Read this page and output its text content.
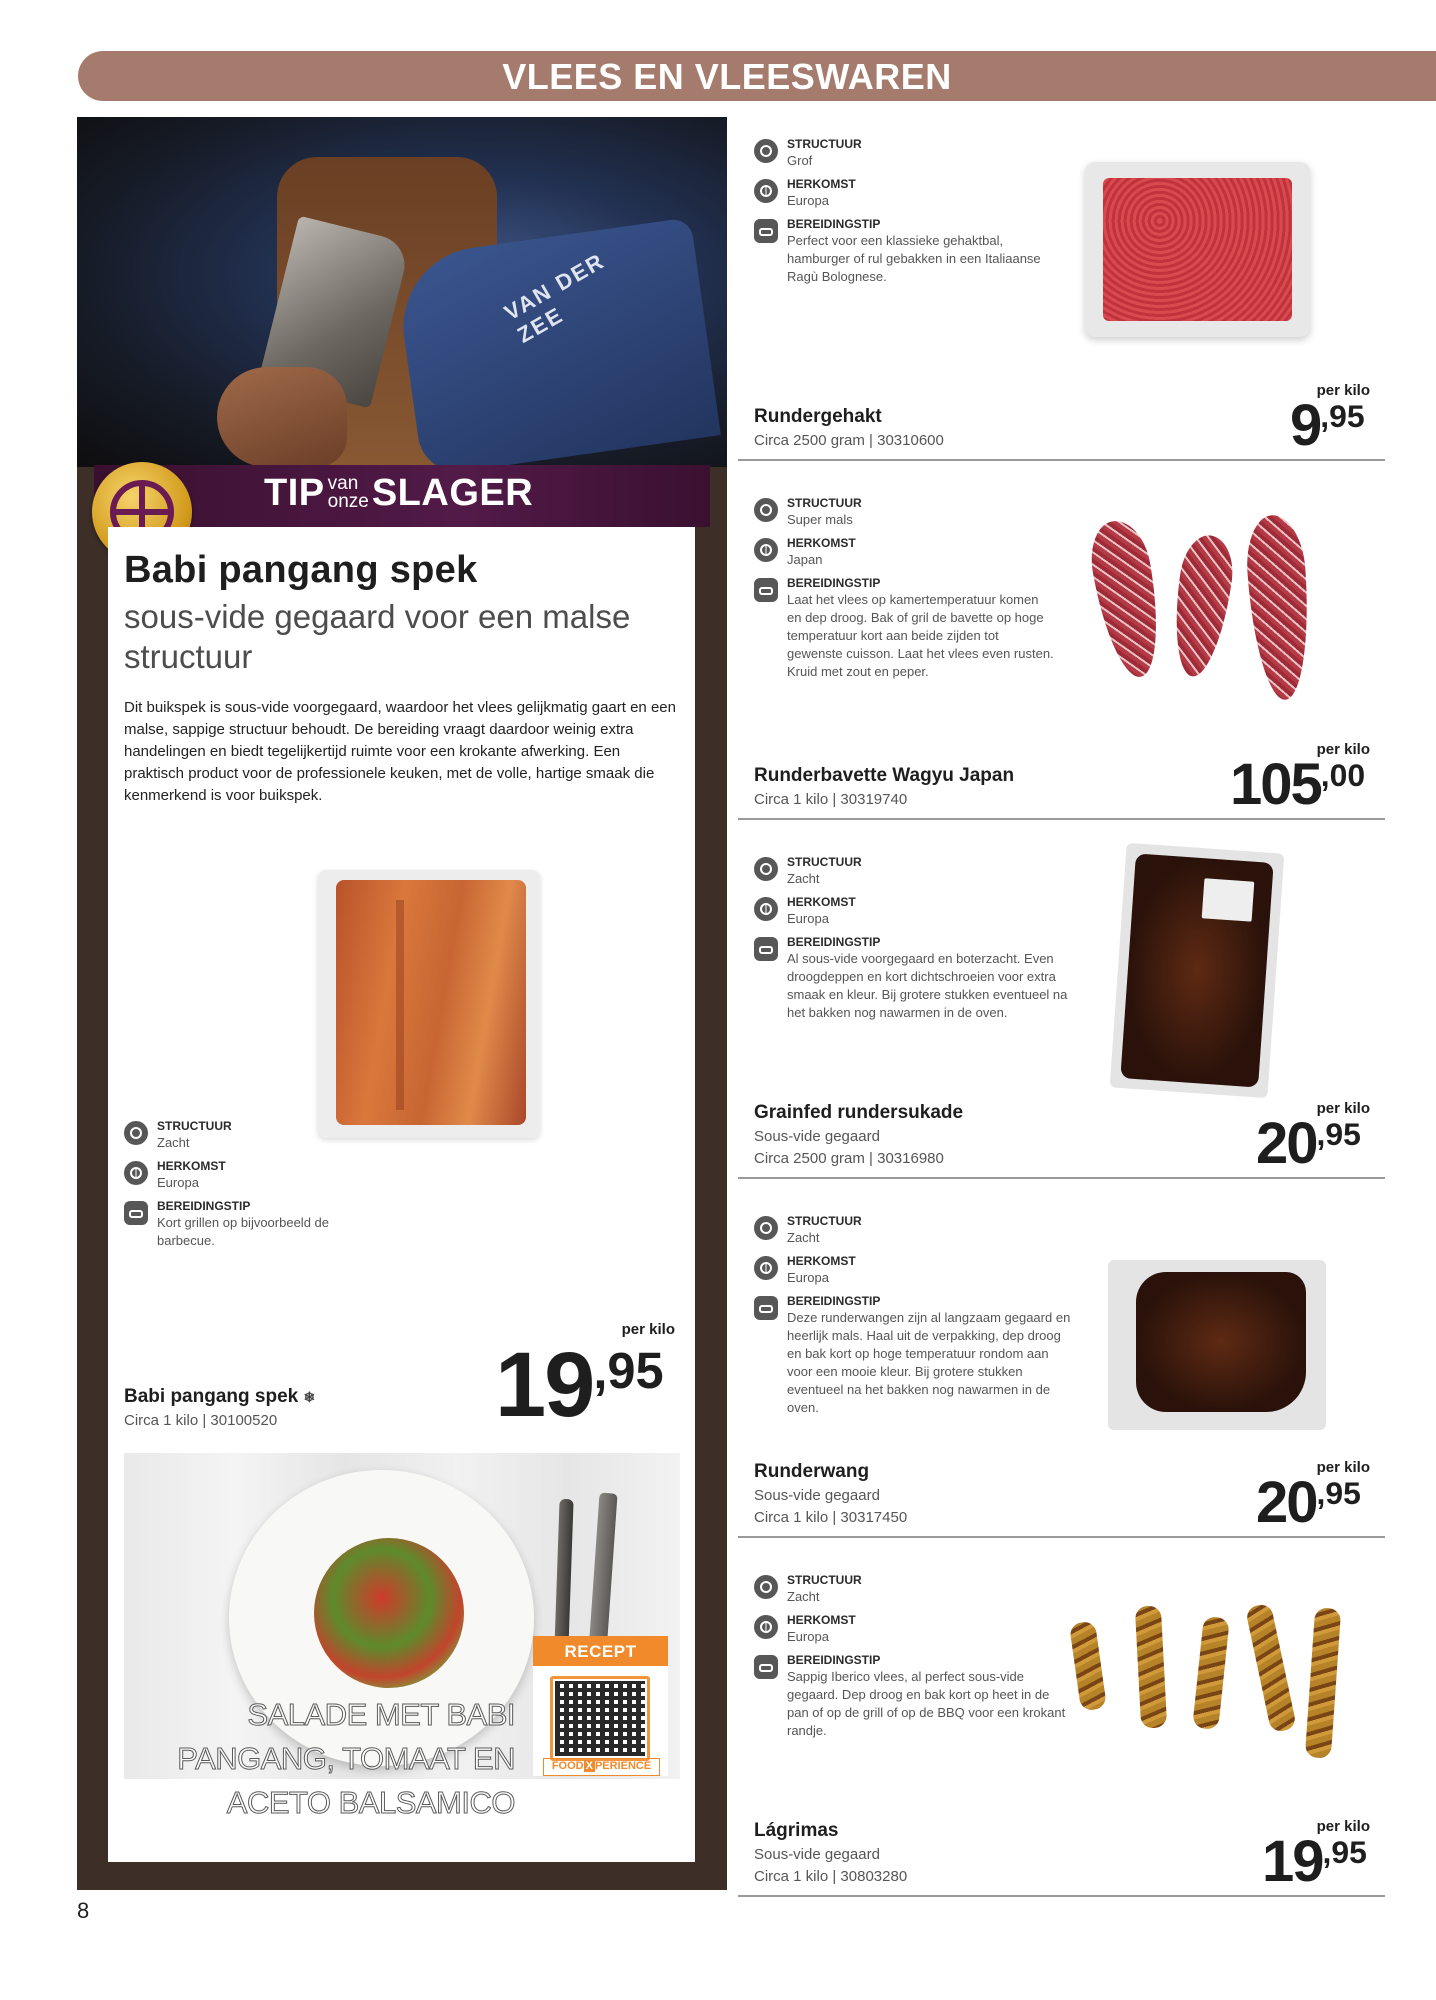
VLEES EN VLEESWAREN
VAN DER ZEE
TIP van
onze SLAGER
Babi pangang spek
sous-vide gegaard voor een malse structuur
Dit buikspek is sous-vide voorgegaard, waardoor het vlees gelijkmatig gaart en een malse, sappige structuur behoudt. De bereiding vraagt daardoor weinig extra handelingen en biedt tegelijkertijd ruimte voor een krokante afwerking. Een praktisch product voor de professionele keuken, met de volle, hartige smaak die kenmerkend is voor buikspek.
STRUCTUUR
Zacht
HERKOMST
Europa
BEREIDINGSTIP
Kort grillen op bijvoorbeeld de barbecue.
per kilo
$19^{,95}$
Babi pangang spek ❄
Circa 1 kilo | 30100520
SALADE MET BABI
PANGANG, TOMAAT EN
ACETO BALSAMICO
RECEPT
FOOD X PERIENCE
STRUCTUUR
Grof
HERKOMST
Europa
BEREIDINGSTIP
Perfect voor een klassieke gehaktbal, hamburger of rul gebakken in een Italiaanse Ragù Bolognese.
Rundergehakt
Circa 2500 gram | 30310600
per kilo
$9^{,95}$
STRUCTUUR
Super mals
HERKOMST
Japan
BEREIDINGSTIP
Laat het vlees op kamertemperatuur komen en dep droog. Bak of gril de bavette op hoge temperatuur kort aan beide zijden tot gewenste cuisson. Laat het vlees even rusten. Kruid met zout en peper.
Runderbavette Wagyu Japan
Circa 1 kilo | 30319740
per kilo
$105^{,00}$
STRUCTUUR
Zacht
HERKOMST
Europa
BEREIDINGSTIP
Al sous-vide voorgegaard en boterzacht. Even droogdeppen en kort dichtschroeien voor extra smaak en kleur. Bij grotere stukken eventueel na het bakken nog nawarmen in de oven.
Grainfed rundersukade
Sous-vide gegaard
Circa 2500 gram | 30316980
per kilo
$20^{,95}$
STRUCTUUR
Zacht
HERKOMST
Europa
BEREIDINGSTIP
Deze runderwangen zijn al langzaam gegaard en heerlijk mals. Haal uit de verpakking, dep droog en bak kort op hoge temperatuur rondom aan voor een mooie kleur. Bij grotere stukken eventueel na het bakken nog nawarmen in de oven.
Runderwang
Sous-vide gegaard
Circa 1 kilo | 30317450
per kilo
$20^{,95}$
STRUCTUUR
Zacht
HERKOMST
Europa
BEREIDINGSTIP
Sappig Iberico vlees, al perfect sous-vide gegaard. Dep droog en bak kort op heet in de pan of op de grill of op de BBQ voor een krokant randje.
Lágrimas
Sous-vide gegaard
Circa 1 kilo | 30803280
per kilo
$19^{,95}$
8
